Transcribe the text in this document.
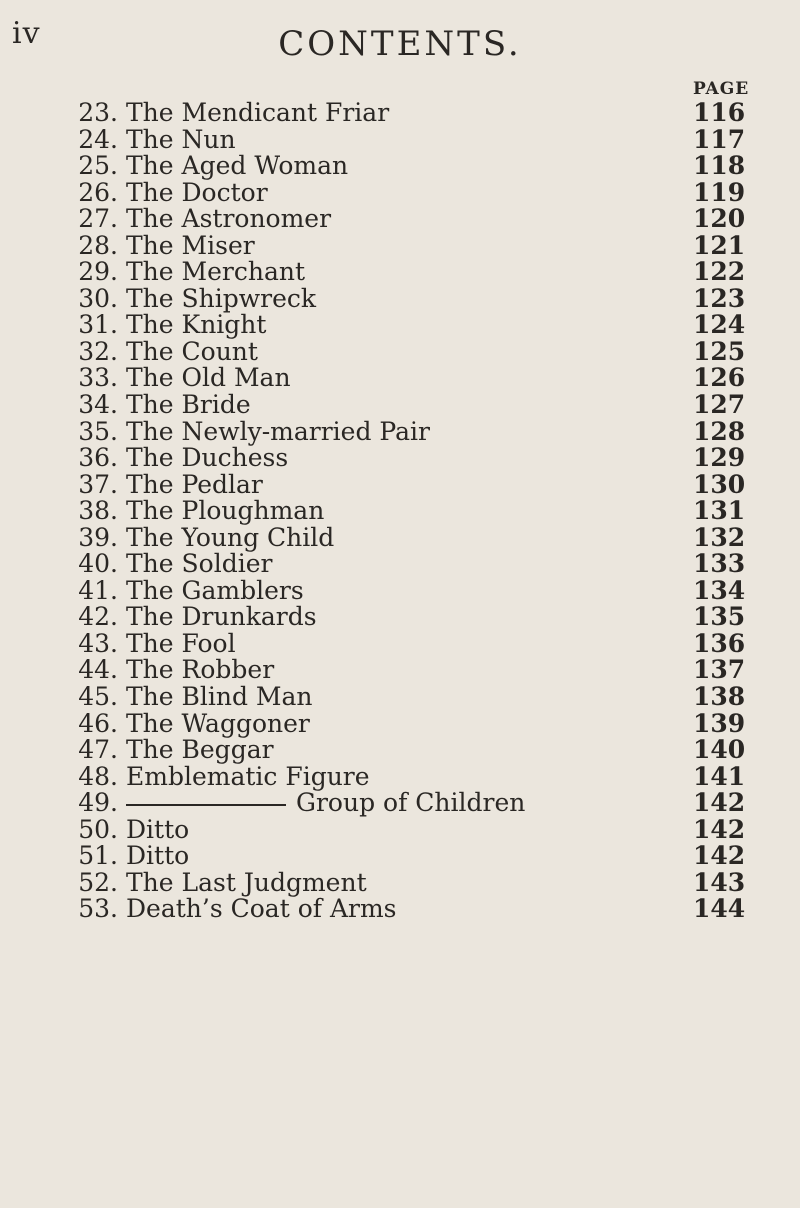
iv	CONTENTS.
PAGE
23. The Mendicant Friar	116
24. The Nun	117
25. The Aged Woman	118
26. The Doctor	119
27. The Astronomer	120
28. The Miser	121
29. The Merchant	122
30. The Shipwreck	123
31. The Knight	124
32. The Count	125
33. The Old Man	126
34. The Bride	127
35. The Newly-married Pair	128
36. The Duchess	129
37. The Pedlar	130
38. The Ploughman	131
39. The Young Child	132
40. The Soldier	133
41. The Gamblers	134
42. The Drunkards	135
43. The Fool	136
44. The Robber	137
45. The Blind Man	138
46. The Waggoner	139
47. The Beggar	140
48. Emblematic Figure	141
49.	Group of Children	142
50. Ditto	142
51. Ditto	142
52. The Last Judgment	143
53. Death’s Coat of Arms	144
